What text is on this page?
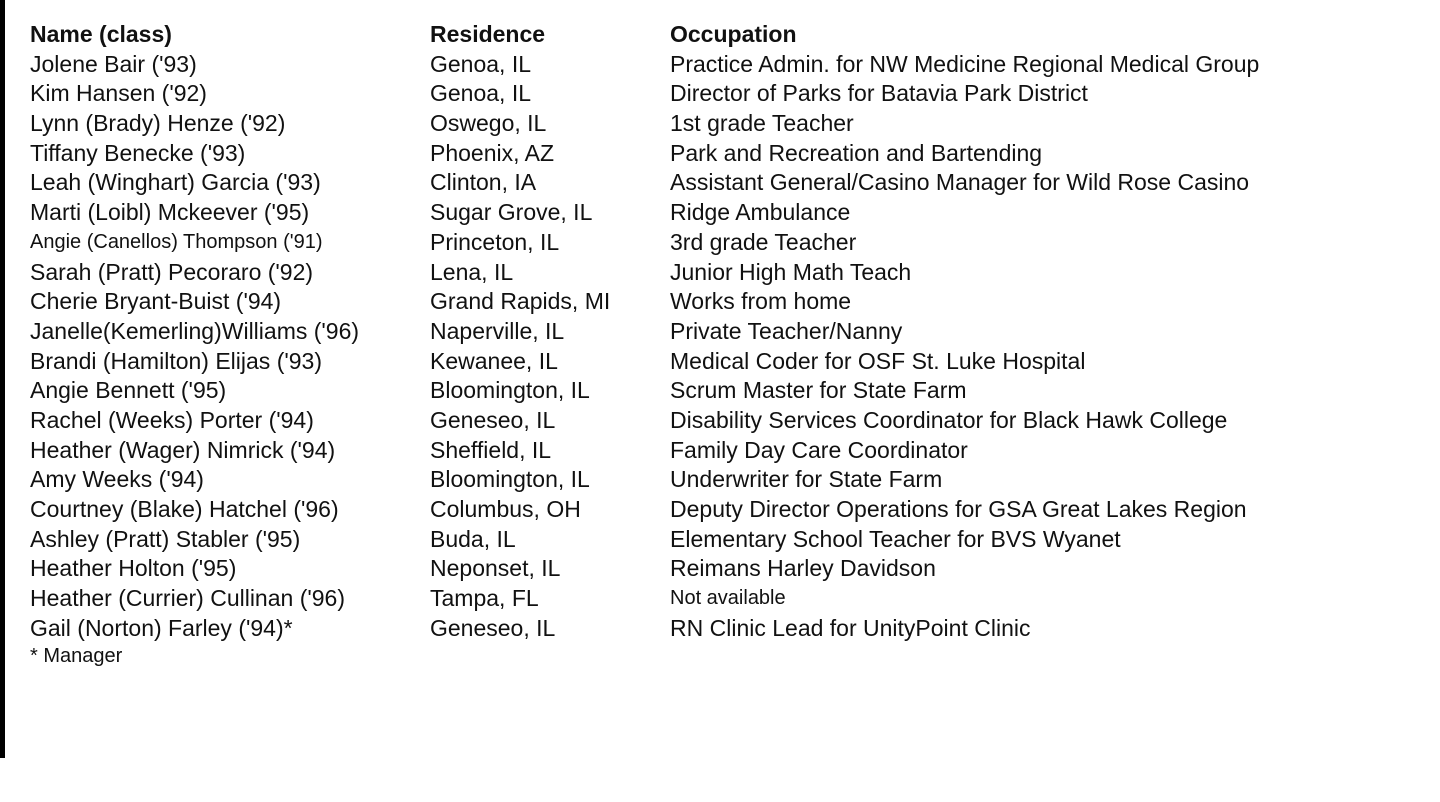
Name (class)	Residence	Occupation
Jolene Bair ('93)	Genoa, IL	Practice Admin. for NW Medicine Regional Medical Group
Kim Hansen ('92)	Genoa, IL	Director of Parks for Batavia Park District
Lynn (Brady) Henze ('92)	Oswego, IL	1st grade Teacher
Tiffany Benecke ('93)	Phoenix, AZ	Park and Recreation and Bartending
Leah (Winghart) Garcia ('93)	Clinton, IA	Assistant General/Casino Manager for Wild Rose Casino
Marti (Loibl) Mckeever ('95)	Sugar Grove, IL	Ridge Ambulance
Angie (Canellos) Thompson ('91)	Princeton, IL	3rd grade Teacher
Sarah (Pratt) Pecoraro ('92)	Lena, IL	Junior High Math Teach
Cherie Bryant-Buist ('94)	Grand Rapids, MI	Works from home
Janelle(Kemerling)Williams ('96)	Naperville, IL	Private Teacher/Nanny
Brandi (Hamilton) Elijas ('93)	Kewanee, IL	Medical Coder for OSF St. Luke Hospital
Angie Bennett ('95)	Bloomington, IL	Scrum Master for State Farm
Rachel (Weeks) Porter ('94)	Geneseo, IL	Disability Services Coordinator for Black Hawk College
Heather (Wager) Nimrick ('94)	Sheffield, IL	Family Day Care Coordinator
Amy Weeks ('94)	Bloomington, IL	Underwriter for State Farm
Courtney (Blake) Hatchel ('96)	Columbus, OH	Deputy Director Operations for GSA Great Lakes Region
Ashley (Pratt) Stabler ('95)	Buda, IL	Elementary School Teacher for BVS Wyanet
Heather Holton ('95)	Neponset, IL	Reimans Harley Davidson
Heather (Currier) Cullinan ('96)	Tampa, FL	Not available
Gail (Norton) Farley ('94)*	Geneseo, IL	RN Clinic Lead for UnityPoint Clinic
* Manager
